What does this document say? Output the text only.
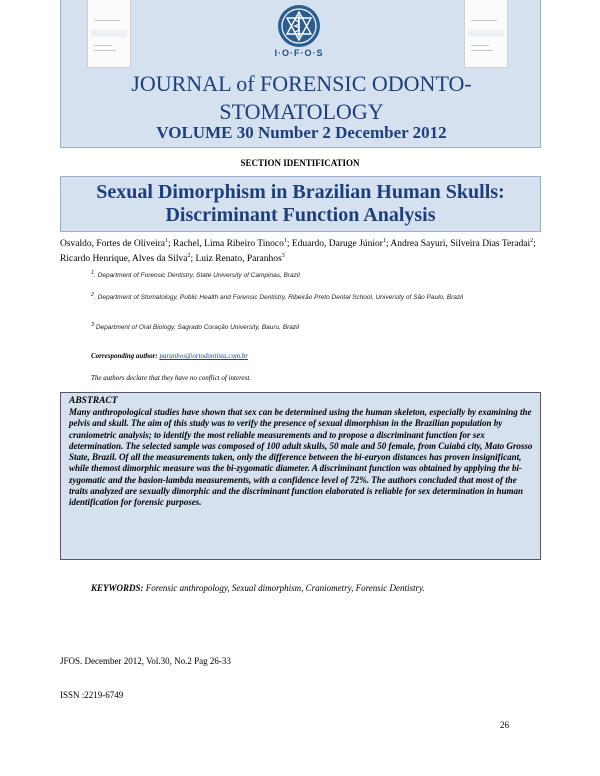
I·O·F·O·S
JOURNAL of FORENSIC ODONTO-
STOMATOLOGY
VOLUME 30 Number 2 December 2012
SECTION IDENTIFICATION
Sexual Dimorphism in Brazilian Human Skulls:
Discriminant Function Analysis
Osvaldo, Fortes de Oliveira$^1$; Rachel, Lima Ribeiro Tinoco$^1$; Eduardo, Daruge Júnior$^1$; Andrea Sayuri, Silveira Dias Teradai$^2$; Ricardo Henrique, Alves da Silva$^2$; Luiz Renato, Paranhos$^3$
$^1$. Department of Forensic Dentistry, State University of Campinas, Brazil
$^2$. Department of Stomatology, Public Health and Forensic Dentistry, Ribeirão Preto Dental School, University of São Paulo, Brazil
$^3$ Department of Oral Biology, Sagrado Coração University, Bauru, Brazil
Corresponding author: paranhos@ortodontista.com.br
The authors declare that they have no conflict of interest.
ABSTRACT
Many anthropological studies have shown that sex can be determined using the human skeleton, especially by examining the pelvis and skull. The aim of this study was to verify the presence of sexual dimorphism in the Brazilian population by craniometric analysis; to identify the most reliable measurements and to propose a discriminant function for sex determination. The selected sample was composed of 100 adult skulls, 50 male and 50 female, from Cuiabá city, Mato Grosso State, Brazil. Of all the measurements taken, only the difference between the bi-euryon distances has proven insignificant, while themost dimorphic measure was the bi-zygomatic diameter. A discriminant function was obtained by applying the bi-zygomatic and the basion-lambda measurements, with a confidence level of 72%. The authors concluded that most of the traits analyzed are sexually dimorphic and the discriminant function elaborated is reliable for sex determination in human identification for forensic purposes.
KEYWORDS: Forensic anthropology, Sexual dimorphism, Craniometry, Forensic Dentistry.
JFOS. December 2012, Vol.30, No.2 Pag 26-33
ISSN :2219-6749
26
